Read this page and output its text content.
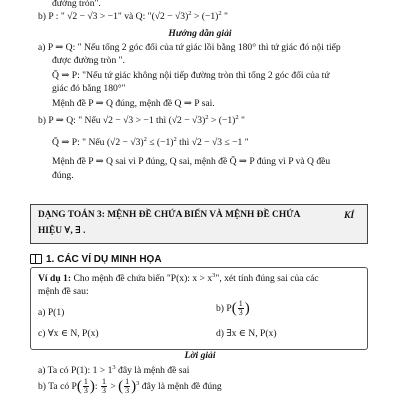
đường tròn".
b) P : " √2 − √3 > −1" và Q: "$(√2 - √3)^2 > (-1)^2$ "
Hướng dẫn giải
a) P ⇒ Q: " Nếu tổng 2 góc đối của tứ giác lồi bằng 180° thì tứ giác đó nội tiếp
được đường tròn ".
Q̄ ⇒ P: "Nếu tứ giác không nội tiếp đường tròn thì tổng 2 góc đối của tứ
giác đó bằng 180°"
Mệnh đề P ⇒ Q đúng, mệnh đề Q ⇒ P sai.
b) P ⇒ Q: " Nếu √2 − √3 > −1 thì $(√2 - √3)^2 > (-1)^2$ "
Q̄ ⇒ P: " Nếu $(√2 - √3)^2 \le (-1)^2$ thì √2 − √3 ≤ −1 "
Mệnh đề P ⇒ Q sai vì P đúng, Q sai, mệnh đề Q̄ ⇒ P đúng vì P và Q đều
đúng.
DẠNG TOÁN 3: MỆNH ĐỀ CHỨA BIẾN VÀ MỆNH ĐỀ CHỨA	KÍ
HIỆU ∀, ∃ .
1. CÁC VÍ DỤ MINH HỌA
Ví dụ 1: Cho mệnh đề chứa biến "P(x): $x > x^3$", xét tính đúng sai của các
mệnh đề sau:
a) P(1)	b) $P( \frac{1}{3}$ )
c) ∀x ∈ N, P(x)	d) ∃x ∈ N, P(x)
Lời giải
a) Ta có P(1): $1 > 1^3$ đây là mệnh đề sai
b) Ta có $P( \frac{1}{3}$ ): $\frac{1}{3}$ > ( $\frac{1}{3} )^3$ đây là mệnh đề đúng
